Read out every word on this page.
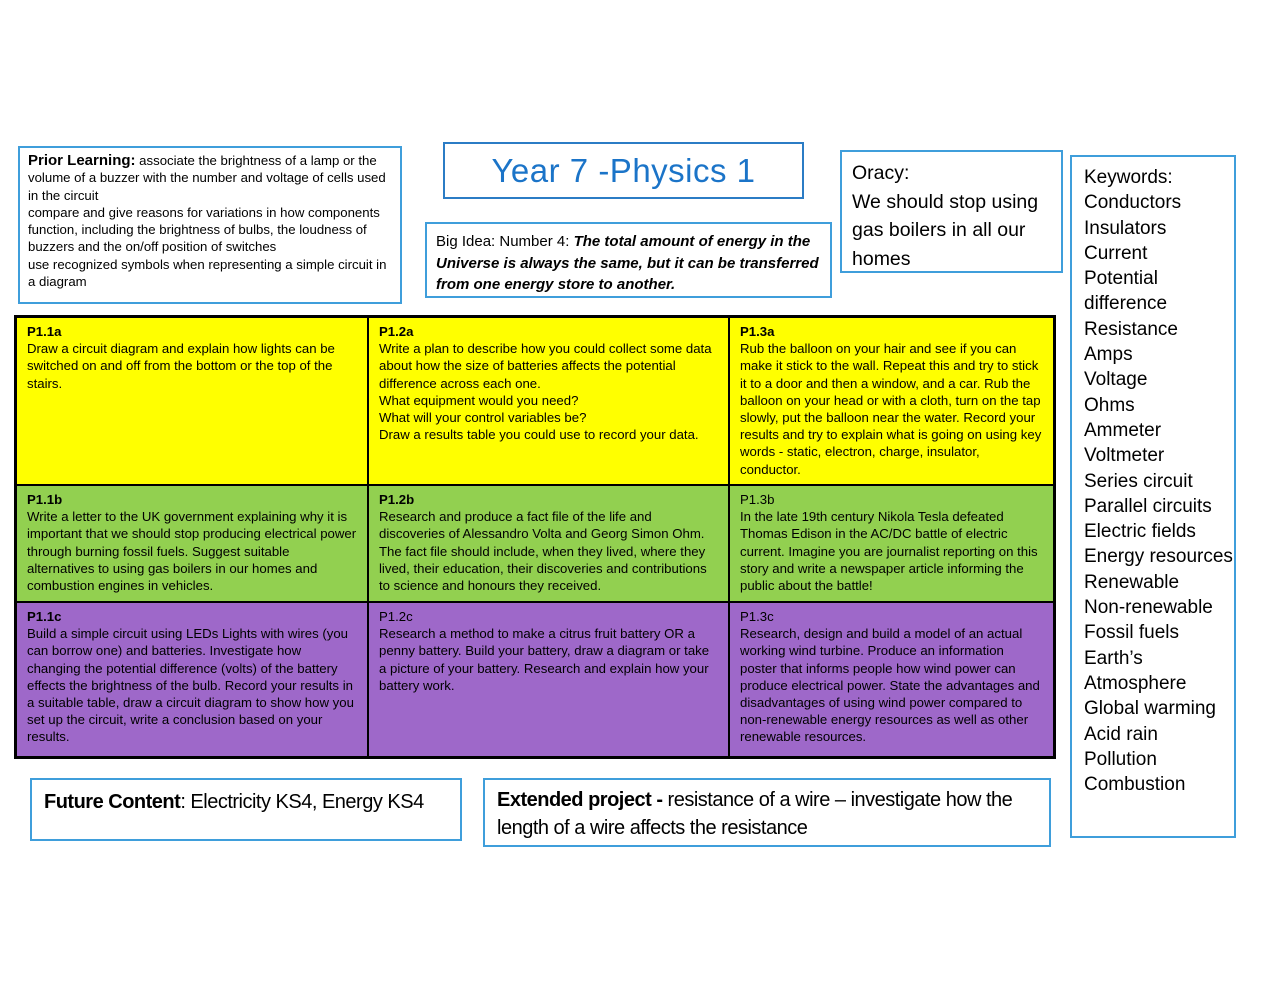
Prior Learning: associate the brightness of a lamp or the volume of a buzzer with the number and voltage of cells used in the circuit
compare and give reasons for variations in how components function, including the brightness of bulbs, the loudness of buzzers and the on/off position of switches
use recognized symbols when representing a simple circuit in a diagram
Year 7 -Physics 1
Big Idea: Number 4: The total amount of energy in the Universe is always the same, but it can be transferred from one energy store to another.
Oracy:
We should stop using gas boilers in all our homes
Keywords:
Conductors
Insulators
Current
Potential difference
Resistance
Amps
Voltage
Ohms
Ammeter
Voltmeter
Series circuit
Parallel circuits
Electric fields
Energy resources
Renewable
Non-renewable
Fossil fuels
Earth’s Atmosphere
Global warming
Acid rain
Pollution
Combustion
P1.1a
Draw a circuit diagram and explain how lights can be switched on and off from the bottom or the top of the stairs.
P1.2a
Write a plan to describe how you could collect some data about how the size of batteries affects the potential difference across each one.
What equipment would you need?
What will your control variables be?
Draw a results table you could use to record your data.
P1.3a
Rub the balloon on your hair and see if you can make it stick to the wall. Repeat this and try to stick it to a door and then a window, and a car. Rub the balloon on your head or with a cloth, turn on the tap slowly, put the balloon near the water. Record your results and try to explain what is going on using key words - static, electron, charge, insulator, conductor.
P1.1b
Write a letter to the UK government explaining why it is important that we should stop producing electrical power through burning fossil fuels. Suggest suitable alternatives to using gas boilers in our homes and combustion engines in vehicles.
P1.2b
Research and produce a fact file of the life and discoveries of Alessandro Volta and Georg Simon Ohm. The fact file should include, when they lived, where they lived, their education, their discoveries and contributions to science and honours they received.
P1.3b
In the late 19th century Nikola Tesla defeated Thomas Edison in the AC/DC battle of electric current. Imagine you are journalist reporting on this story and write a newspaper article informing the public about the battle!
P1.1c
Build a simple circuit using LEDs Lights with wires (you can borrow one) and batteries. Investigate how changing the potential difference (volts) of the battery effects the brightness of the bulb. Record your results in a suitable table, draw a circuit diagram to show how you set up the circuit, write a conclusion based on your results.
P1.2c
Research a method to make a citrus fruit battery OR a penny battery. Build your battery, draw a diagram or take a picture of your battery. Research and explain how your battery work.
P1.3c
Research, design and build a model of an actual working wind turbine. Produce an information poster that informs people how wind power can produce electrical power. State the advantages and disadvantages of using wind power compared to non-renewable energy resources as well as other renewable resources.
Future Content: Electricity KS4, Energy KS4	Extended project - resistance of a wire – investigate how the length of a wire affects the resistance
